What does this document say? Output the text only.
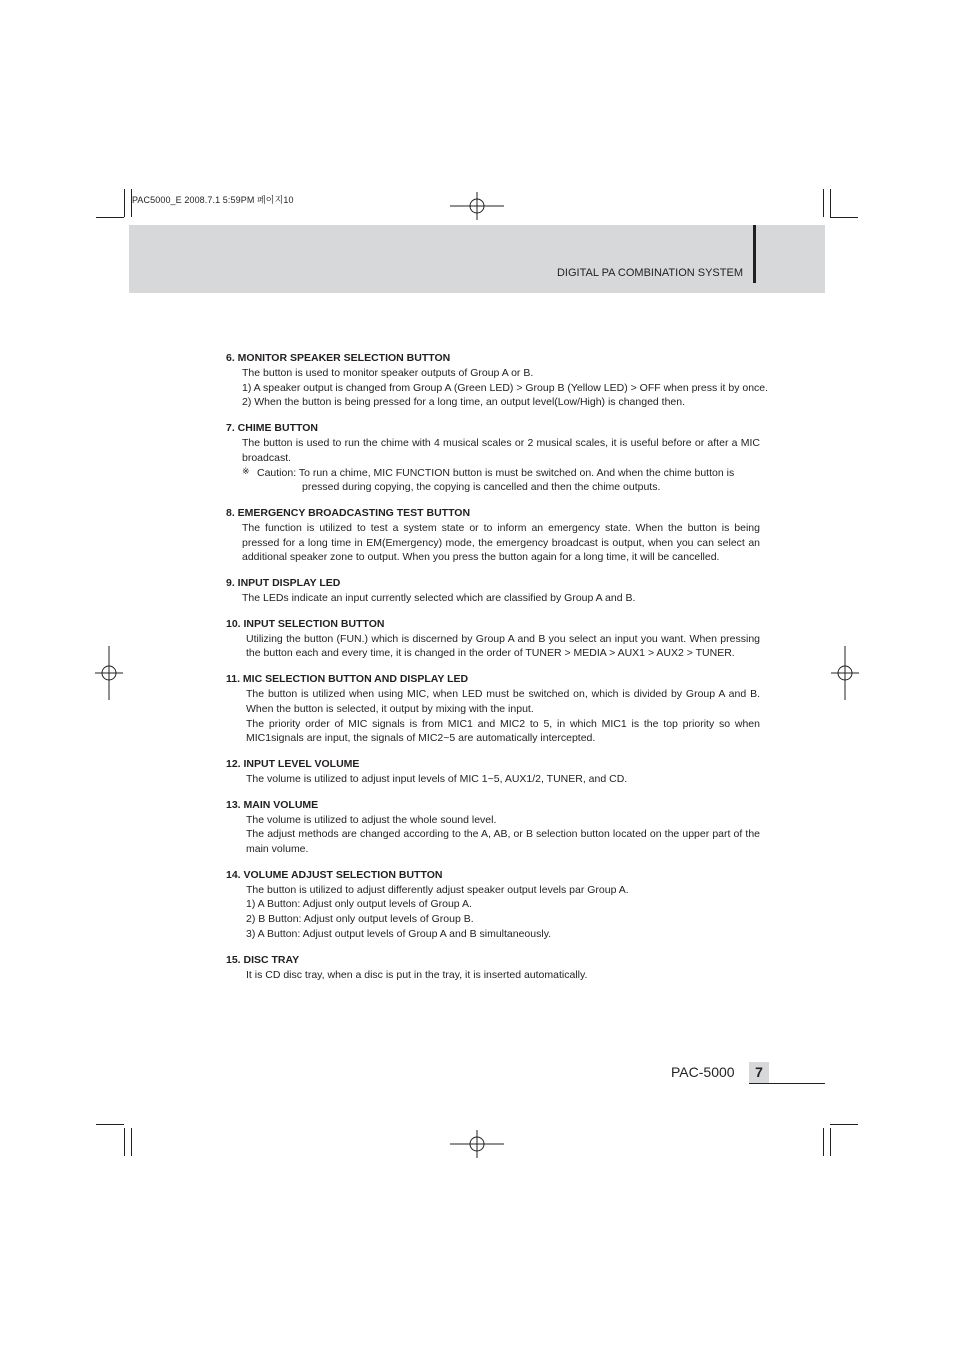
PAC5000_E 2008.7.1 5:59PM 페이지10
DIGITAL PA COMBINATION SYSTEM
6. MONITOR SPEAKER SELECTION BUTTON

The button is used to monitor speaker outputs of Group A or B.

1) A speaker output is changed from Group A (Green LED) > Group B (Yellow LED) > OFF when press it by once.

2) When the button is being pressed for a long time, an output level(Low/High) is changed then.

7. CHIME BUTTON

The button is used to run the chime with 4 musical scales or 2 musical scales, it is useful before or after a MIC broadcast.

※ Caution: To run a chime, MIC FUNCTION button is must be switched on. And when the chime button is

pressed during copying, the copying is cancelled and then the chime outputs.

8. EMERGENCY BROADCASTING TEST BUTTON

The function is utilized to test a system state or to inform an emergency state. When the button is being pressed for a long time in EM(Emergency) mode, the emergency broadcast is output, when you can select an additional speaker zone to output. When you press the button again for a long time, it will be cancelled.

9. INPUT DISPLAY LED

The LEDs indicate an input currently selected which are classified by Group A and B.

10. INPUT SELECTION BUTTON

Utilizing the button (FUN.) which is discerned by Group A and B you select an input you want. When pressing the button each and every time, it is changed in the order of TUNER > MEDIA > AUX1 > AUX2 > TUNER.

11. MIC SELECTION BUTTON AND DISPLAY LED

The button is utilized when using MIC, when LED must be switched on, which is divided by Group A and B. When the button is selected, it output by mixing with the input.

The priority order of MIC signals is from MIC1 and MIC2 to 5, in which MIC1 is the top priority so when MIC1signals are input, the signals of MIC2~5 are automatically intercepted.

12. INPUT LEVEL VOLUME

The volume is utilized to adjust input levels of MIC 1~5, AUX1/2, TUNER, and CD.

13. MAIN VOLUME

The volume is utilized to adjust the whole sound level.

The adjust methods are changed according to the A, AB, or B selection button located on the upper part of the main volume.

14. VOLUME ADJUST SELECTION BUTTON

The button is utilized to adjust differently adjust speaker output levels par Group A.

1) A Button: Adjust only output levels of Group A.

2) B Button: Adjust only output levels of Group B.

3) A Button: Adjust output levels of Group A and B simultaneously.

15. DISC TRAY

It is CD disc tray, when a disc is put in the tray, it is inserted automatically.

PAC-5000	7
